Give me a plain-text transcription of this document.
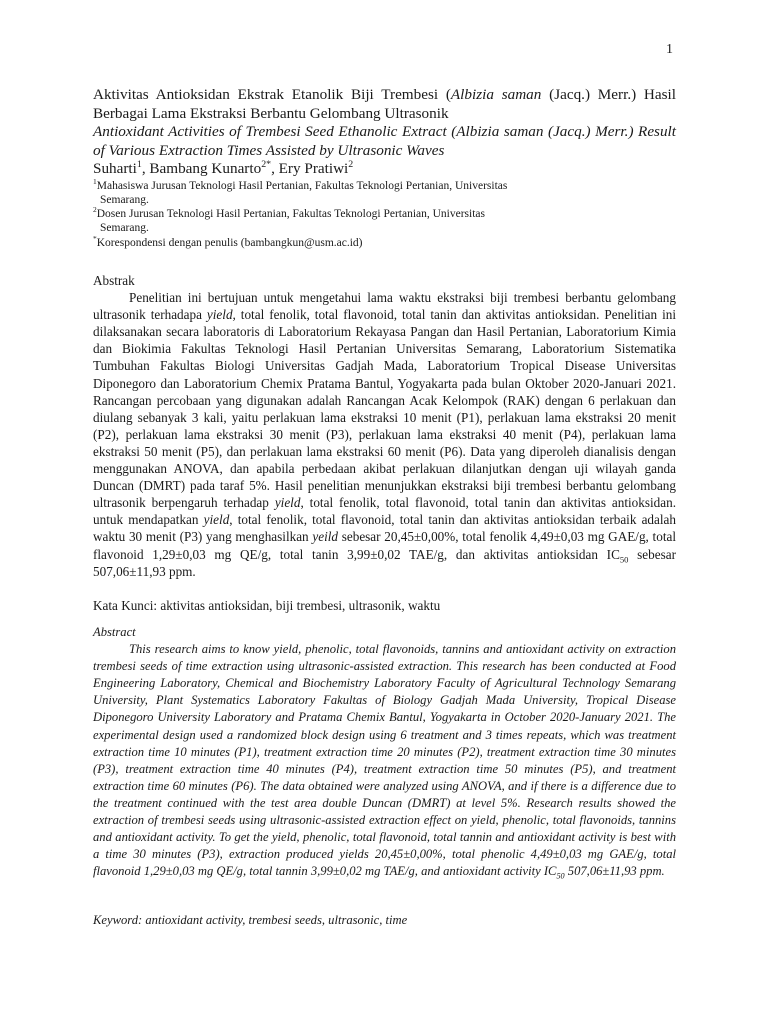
1
Aktivitas Antioksidan Ekstrak Etanolik Biji Trembesi (Albizia saman (Jacq.) Merr.) Hasil Berbagai Lama Ekstraksi Berbantu Gelombang Ultrasonik
Antioxidant Activities of Trembesi Seed Ethanolic Extract (Albizia saman (Jacq.) Merr.) Result of Various Extraction Times Assisted by Ultrasonic Waves
Suharti$^1$, Bambang Kunarto$^{2*}$, Ery Pratiwi$^2$
$^1$Mahasiswa Jurusan Teknologi Hasil Pertanian, Fakultas Teknologi Pertanian, Universitas
Semarang.
$^2$Dosen Jurusan Teknologi Hasil Pertanian, Fakultas Teknologi Pertanian, Universitas
Semarang.
*Korespondensi dengan penulis (bambangkun@usm.ac.id)

Abstrak

Penelitian ini bertujuan untuk mengetahui lama waktu ekstraksi biji trembesi berbantu gelombang ultrasonik terhadapa yield, total fenolik, total flavonoid, total tanin dan aktivitas antioksidan. Penelitian ini dilaksanakan secara laboratoris di Laboratorium Rekayasa Pangan dan Hasil Pertanian, Laboratorium Kimia dan Biokimia Fakultas Teknologi Hasil Pertanian Universitas Semarang, Laboratorium Sistematika Tumbuhan Fakultas Biologi Universitas Gadjah Mada, Laboratorium Tropical Disease Universitas Diponegoro dan Laboratorium Chemix Pratama Bantul, Yogyakarta pada bulan Oktober 2020-Januari 2021. Rancangan percobaan yang digunakan adalah Rancangan Acak Kelompok (RAK) dengan 6 perlakuan dan diulang sebanyak 3 kali, yaitu perlakuan lama ekstraksi 10 menit (P1), perlakuan lama ekstraksi 20 menit (P2), perlakuan lama ekstraksi 30 menit (P3), perlakuan lama ekstraksi 40 menit (P4), perlakuan lama ekstraksi 50 menit (P5), dan perlakuan lama ekstraksi 60 menit (P6). Data yang diperoleh dianalisis dengan menggunakan ANOVA, dan apabila perbedaan akibat perlakuan dilanjutkan dengan uji wilayah ganda Duncan (DMRT) pada taraf 5%. Hasil penelitian menunjukkan ekstraksi biji trembesi berbantu gelombang ultrasonik berpengaruh terhadap yield, total fenolik, total flavonoid, total tanin dan aktivitas antioksidan. untuk mendapatkan yield, total fenolik, total flavonoid, total tanin dan aktivitas antioksidan terbaik adalah waktu 30 menit (P3) yang menghasilkan yeild sebesar 20,45±0,00%, total fenolik 4,49±0,03 mg GAE/g, total flavonoid 1,29±0,03 mg QE/g, total tanin 3,99±0,02 TAE/g, dan aktivitas antioksidan $IC_{50}$ sebesar 507,06±11,93 ppm.

Kata Kunci: aktivitas antioksidan, biji trembesi, ultrasonik, waktu

Abstract

This research aims to know yield, phenolic, total flavonoids, tannins and antioxidant activity on extraction trembesi seeds of time extraction using ultrasonic-assisted extraction. This research has been conducted at Food Engineering Laboratory, Chemical and Biochemistry Laboratory Faculty of Agricultural Technology Semarang University, Plant Systematics Laboratory Fakultas of Biology Gadjah Mada University, Tropical Disease Diponegoro University Laboratory and Pratama Chemix Bantul, Yogyakarta in October 2020-January 2021. The experimental design used a randomized block design using 6 treatment and 3 times repeats, which was treatment extraction time 10 minutes (P1), treatment extraction time 20 minutes (P2), treatment extraction time 30 minutes (P3), treatment extraction time 40 minutes (P4), treatment extraction time 50 minutes (P5), and treatment extraction time 60 minutes (P6). The data obtained were analyzed using ANOVA, and if there is a difference due to the treatment continued with the test area double Duncan (DMRT) at level 5%. Research results showed the extraction of trembesi seeds using ultrasonic-assisted extraction effect on yield, phenolic, total flavonoids, tannins and antioxidant activity. To get the yield, phenolic, total flavonoid, total tannin and antioxidant activity is best with a time 30 minutes (P3), extraction produced yields 20,45±0,00%, total phenolic 4,49±0,03 mg GAE/g, total flavonoid 1,29±0,03 mg QE/g, total tannin 3,99±0,02 mg TAE/g, and antioxidant activity $IC_{50}$ 507,06±11,93 ppm.

Keyword: antioxidant activity, trembesi seeds, ultrasonic, time
